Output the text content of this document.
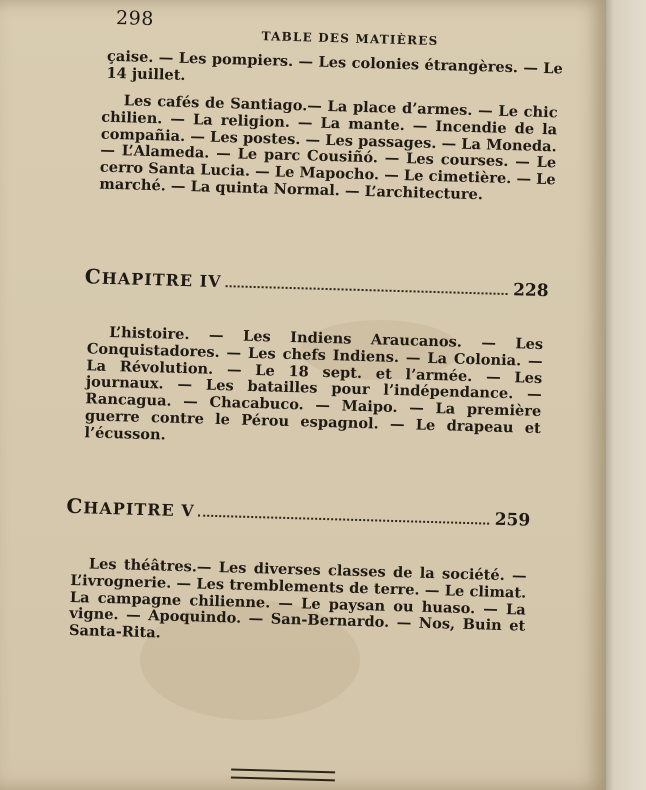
298
TABLE DES MATIÈRES

çaise. — Les pompiers. — Les colonies étrangères. — Le 14 juillet.

Les cafés de Santiago.— La place d’armes. — Le chic chilien. — La religion. — La mante. — Incendie de la compañia. — Les postes. — Les passages. — La Moneda. — L’Alameda. — Le parc Cousiñó. — Les courses. — Le cerro Santa Lucia. — Le Mapocho. — Le cimetière. — Le marché. — La quinta Normal. — L’architecture.

CHAPITRE IV	228

L’histoire. — Les Indiens Araucanos. — Les Conquistadores. — Les chefs Indiens. — La Colonia. — La Révolution. — Le 18 sept. et l’armée. — Les journaux. — Les batailles pour l’indépendance. — Rancagua. — Chacabuco. — Maipo. — La première guerre contre le Pérou espagnol. — Le drapeau et l’écusson.

CHAPITRE V	259

Les théâtres.— Les diverses classes de la société. — L’ivrognerie. — Les tremblements de terre. — Le climat. La campagne chilienne. — Le paysan ou huaso. — La vigne. — Apoquindo. — San-Bernardo. — Nos, Buin et Santa-Rita.
